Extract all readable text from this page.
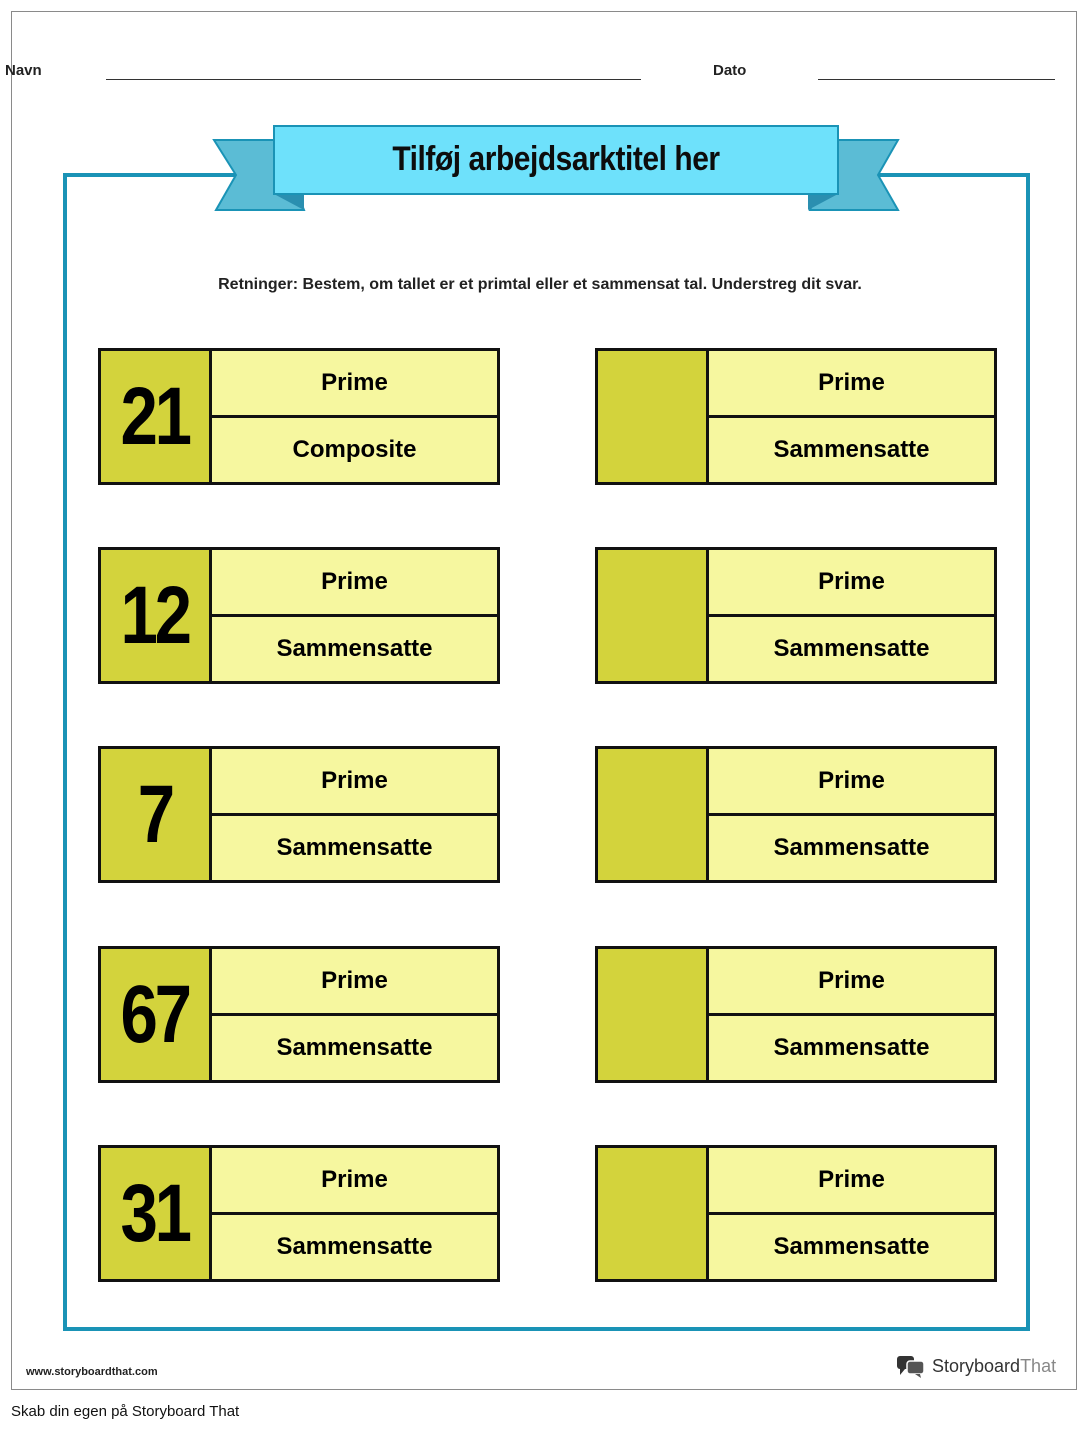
Navn	Dato
Tilføj arbejdsarktitel her
Retninger: Bestem, om tallet er et primtal eller et sammensat tal. Understreg dit svar.
21	Prime
Composite
Prime
Sammensatte
12	Prime
Sammensatte
Prime
Sammensatte
7	Prime
Sammensatte
Prime
Sammensatte
67	Prime
Sammensatte
Prime
Sammensatte
31	Prime
Sammensatte
Prime
Sammensatte
www.storyboardthat.com	StoryboardThat
Skab din egen på Storyboard That
